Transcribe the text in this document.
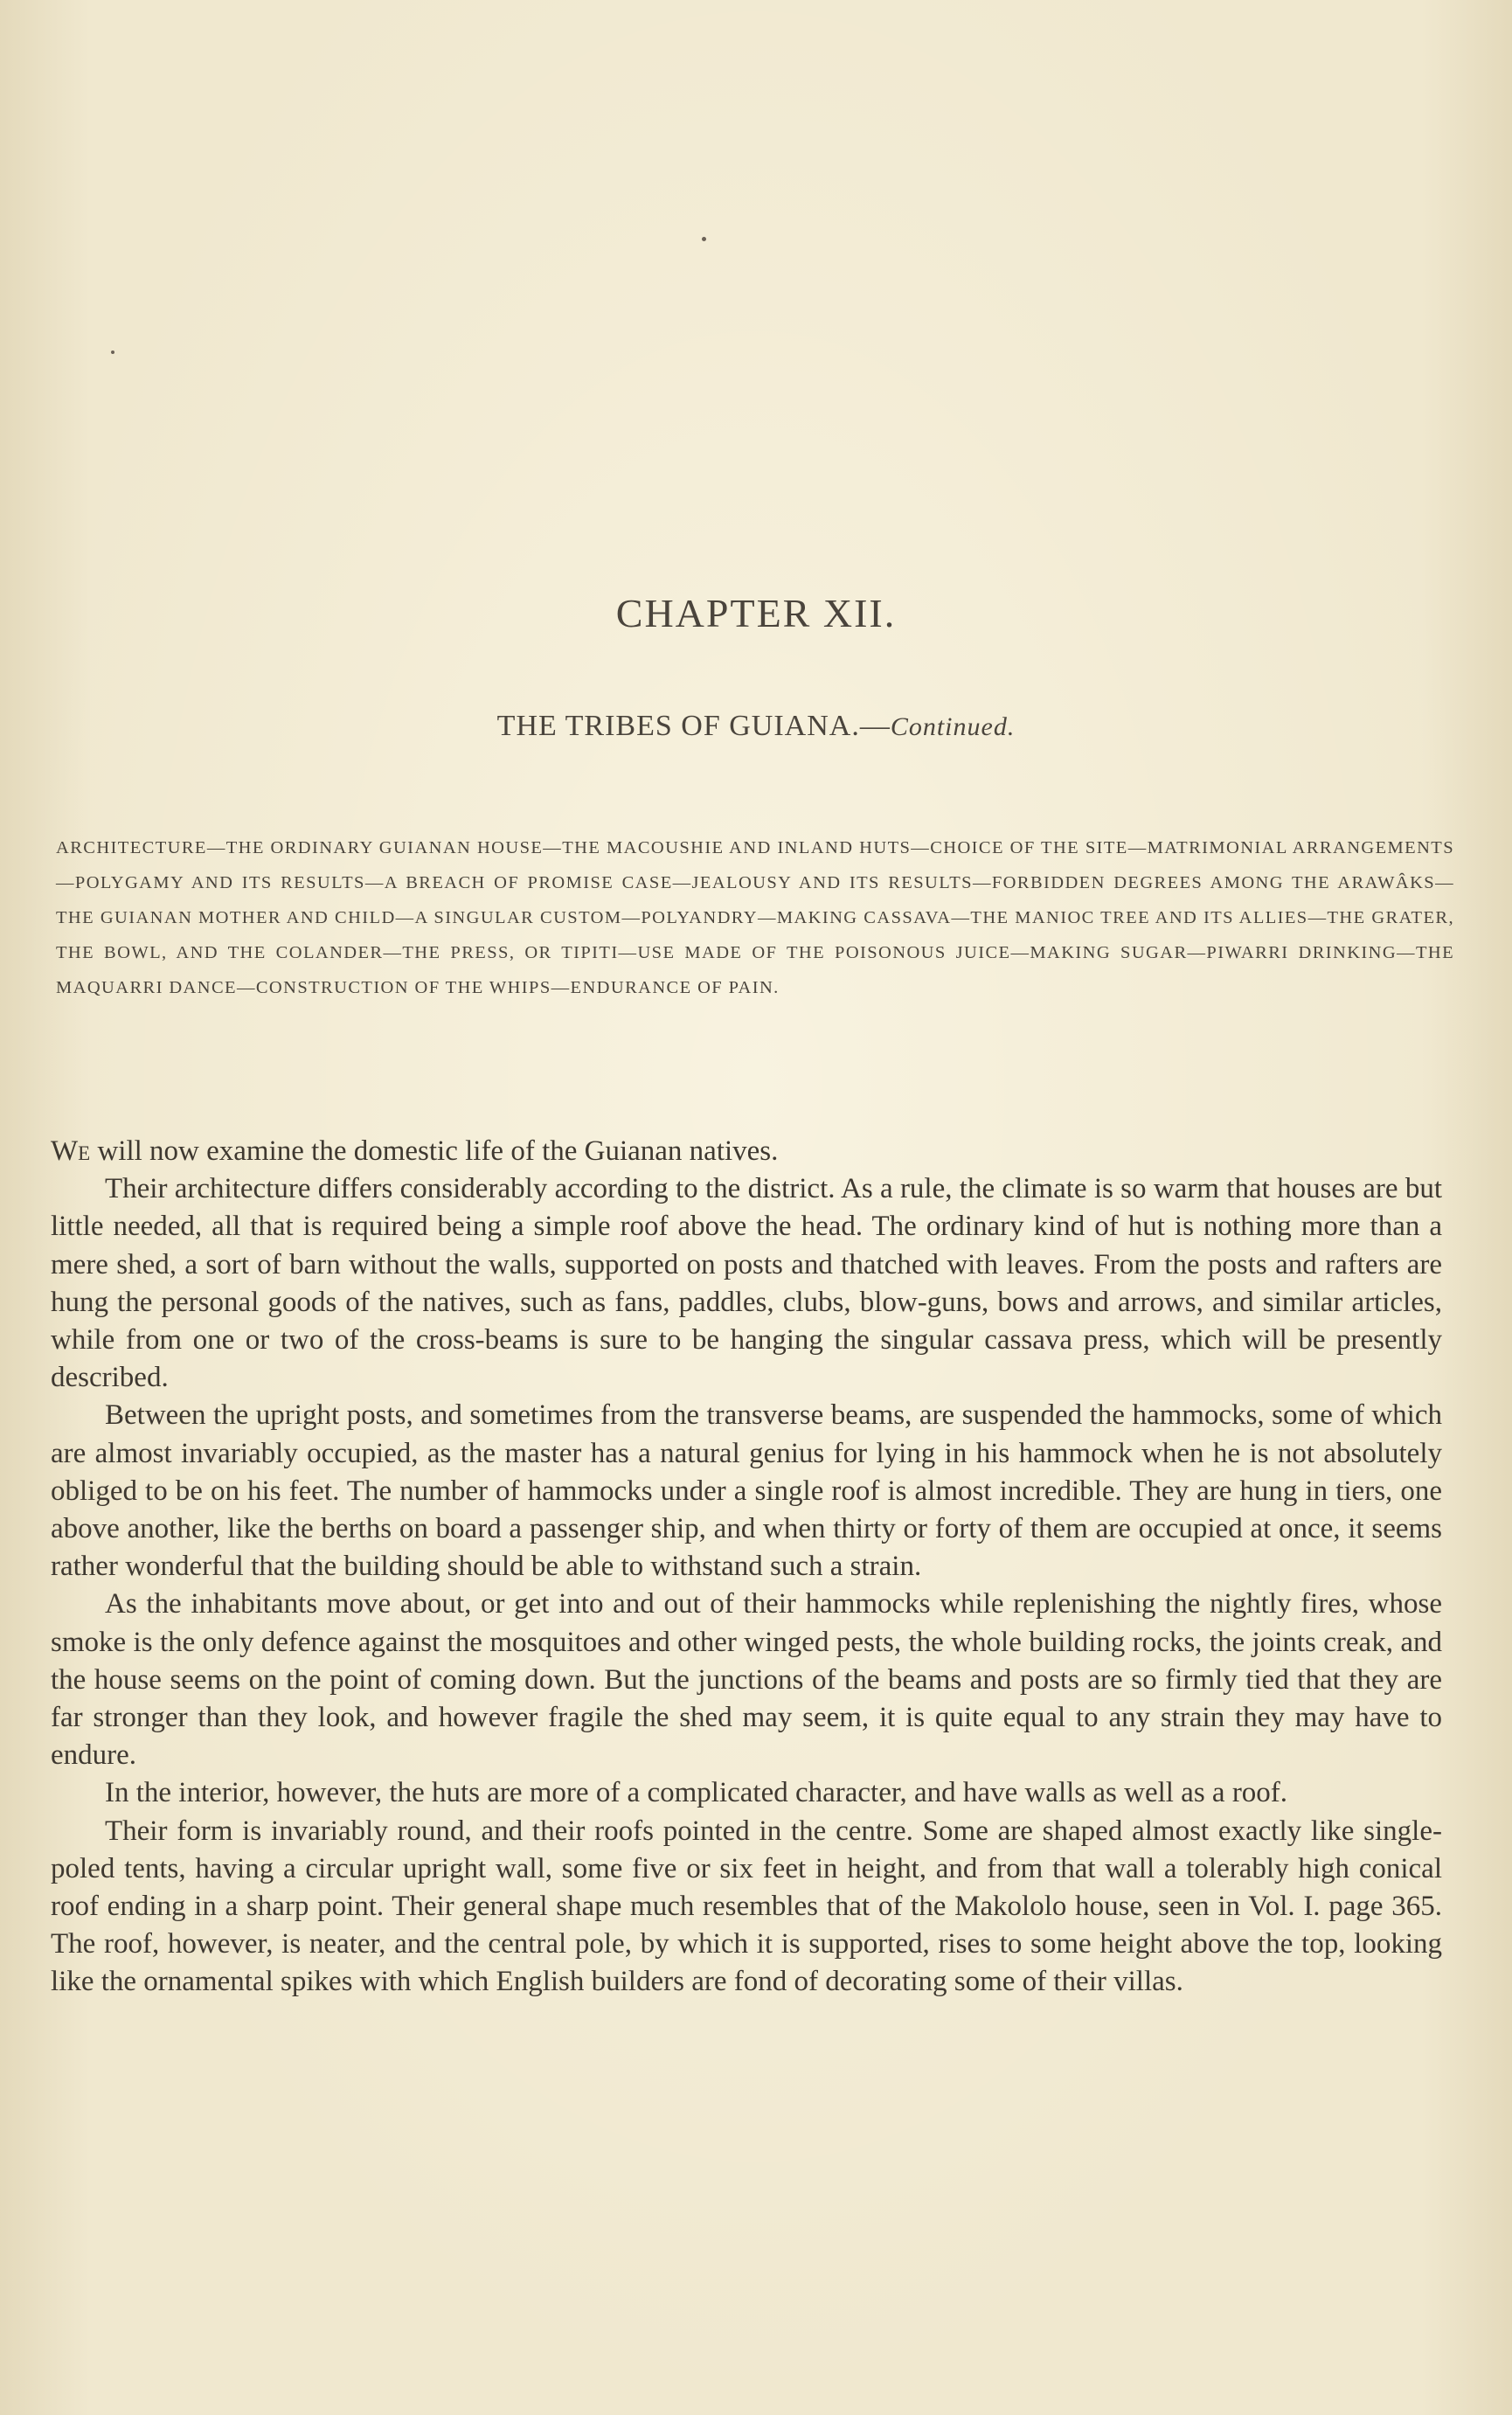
CHAPTER XII.
THE TRIBES OF GUIANA.—Continued.

ARCHITECTURE—THE ORDINARY GUIANAN HOUSE—THE MACOUSHIE AND INLAND HUTS—CHOICE OF THE SITE—MATRIMONIAL ARRANGEMENTS—POLYGAMY AND ITS RESULTS—A BREACH OF PROMISE CASE—JEALOUSY AND ITS RESULTS—FORBIDDEN DEGREES AMONG THE ARAWÂKS—THE GUIANAN MOTHER AND CHILD—A SINGULAR CUSTOM—POLYANDRY—MAKING CASSAVA—THE MANIOC TREE AND ITS ALLIES—THE GRATER, THE BOWL, AND THE COLANDER—THE PRESS, OR TIPITI—USE MADE OF THE POISONOUS JUICE—MAKING SUGAR—PIWARRI DRINKING—THE MAQUARRI DANCE—CONSTRUCTION OF THE WHIPS—ENDURANCE OF PAIN.

We will now examine the domestic life of the Guianan natives.

Their architecture differs considerably according to the district. As a rule, the climate is so warm that houses are but little needed, all that is required being a simple roof above the head. The ordinary kind of hut is nothing more than a mere shed, a sort of barn without the walls, supported on posts and thatched with leaves. From the posts and rafters are hung the personal goods of the natives, such as fans, paddles, clubs, blow-guns, bows and arrows, and similar articles, while from one or two of the cross-beams is sure to be hanging the singular cassava press, which will be presently described.

Between the upright posts, and sometimes from the transverse beams, are suspended the hammocks, some of which are almost invariably occupied, as the master has a natural genius for lying in his hammock when he is not absolutely obliged to be on his feet. The number of hammocks under a single roof is almost incredible. They are hung in tiers, one above another, like the berths on board a passenger ship, and when thirty or forty of them are occupied at once, it seems rather wonderful that the building should be able to withstand such a strain.

As the inhabitants move about, or get into and out of their hammocks while replenishing the nightly fires, whose smoke is the only defence against the mosquitoes and other winged pests, the whole building rocks, the joints creak, and the house seems on the point of coming down. But the junctions of the beams and posts are so firmly tied that they are far stronger than they look, and however fragile the shed may seem, it is quite equal to any strain they may have to endure.

In the interior, however, the huts are more of a complicated character, and have walls as well as a roof.

Their form is invariably round, and their roofs pointed in the centre. Some are shaped almost exactly like single-poled tents, having a circular upright wall, some five or six feet in height, and from that wall a tolerably high conical roof ending in a sharp point. Their general shape much resembles that of the Makololo house, seen in Vol. I. page 365. The roof, however, is neater, and the central pole, by which it is supported, rises to some height above the top, looking like the ornamental spikes with which English builders are fond of decorating some of their villas.
